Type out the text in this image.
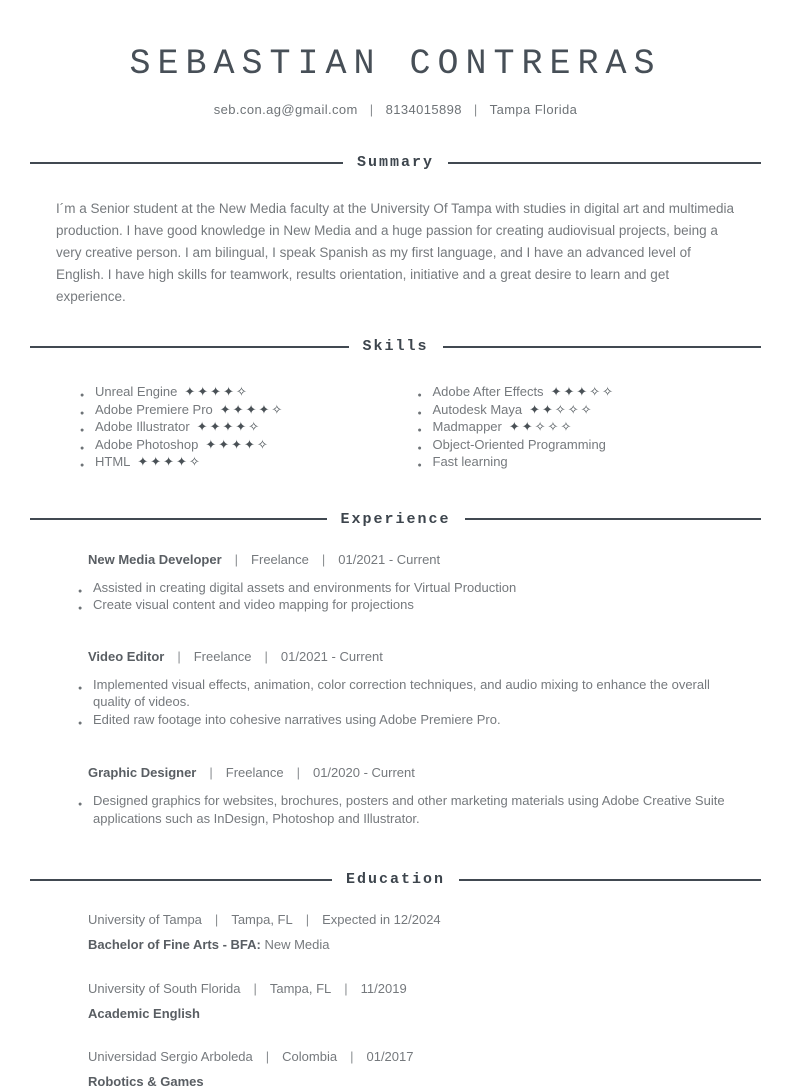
SEBASTIAN CONTRERAS
seb.con.ag@gmail.com | 8134015898 | Tampa Florida
Summary

I´m a Senior student at the New Media faculty at the University Of Tampa with studies in digital art and multimedia production. I have good knowledge in New Media and a huge passion for creating audiovisual projects, being a very creative person. I am bilingual, I speak Spanish as my first language, and I have an advanced level of English. I have high skills for teamwork, results orientation, initiative and a great desire to learn and get experience.

Skills
● Unreal Engine ✦✦✦✦✧
● Adobe Premiere Pro ✦✦✦✦✧
● Adobe Illustrator ✦✦✦✦✧
● Adobe Photoshop ✦✦✦✦✧
● HTML ✦✦✦✦✧
● Adobe After Effects ✦✦✦✧✧
● Autodesk Maya ✦✦✧✧✧
● Madmapper ✦✦✧✧✧
● Object-Oriented Programming
● Fast learning
Experience
New Media Developer | Freelance | 01/2021 - Current
● Assisted in creating digital assets and environments for Virtual Production
● Create visual content and video mapping for projections
Video Editor | Freelance | 01/2021 - Current
● Implemented visual effects, animation, color correction techniques, and audio mixing to enhance the overall quality of videos.
● Edited raw footage into cohesive narratives using Adobe Premiere Pro.
Graphic Designer | Freelance | 01/2020 - Current
● Designed graphics for websites, brochures, posters and other marketing materials using Adobe Creative Suite applications such as InDesign, Photoshop and Illustrator.
Education
University of Tampa | Tampa, FL | Expected in 12/2024
Bachelor of Fine Arts - BFA: New Media
University of South Florida | Tampa, FL | 11/2019
Academic English
Universidad Sergio Arboleda | Colombia | 01/2017
Robotics & Games
